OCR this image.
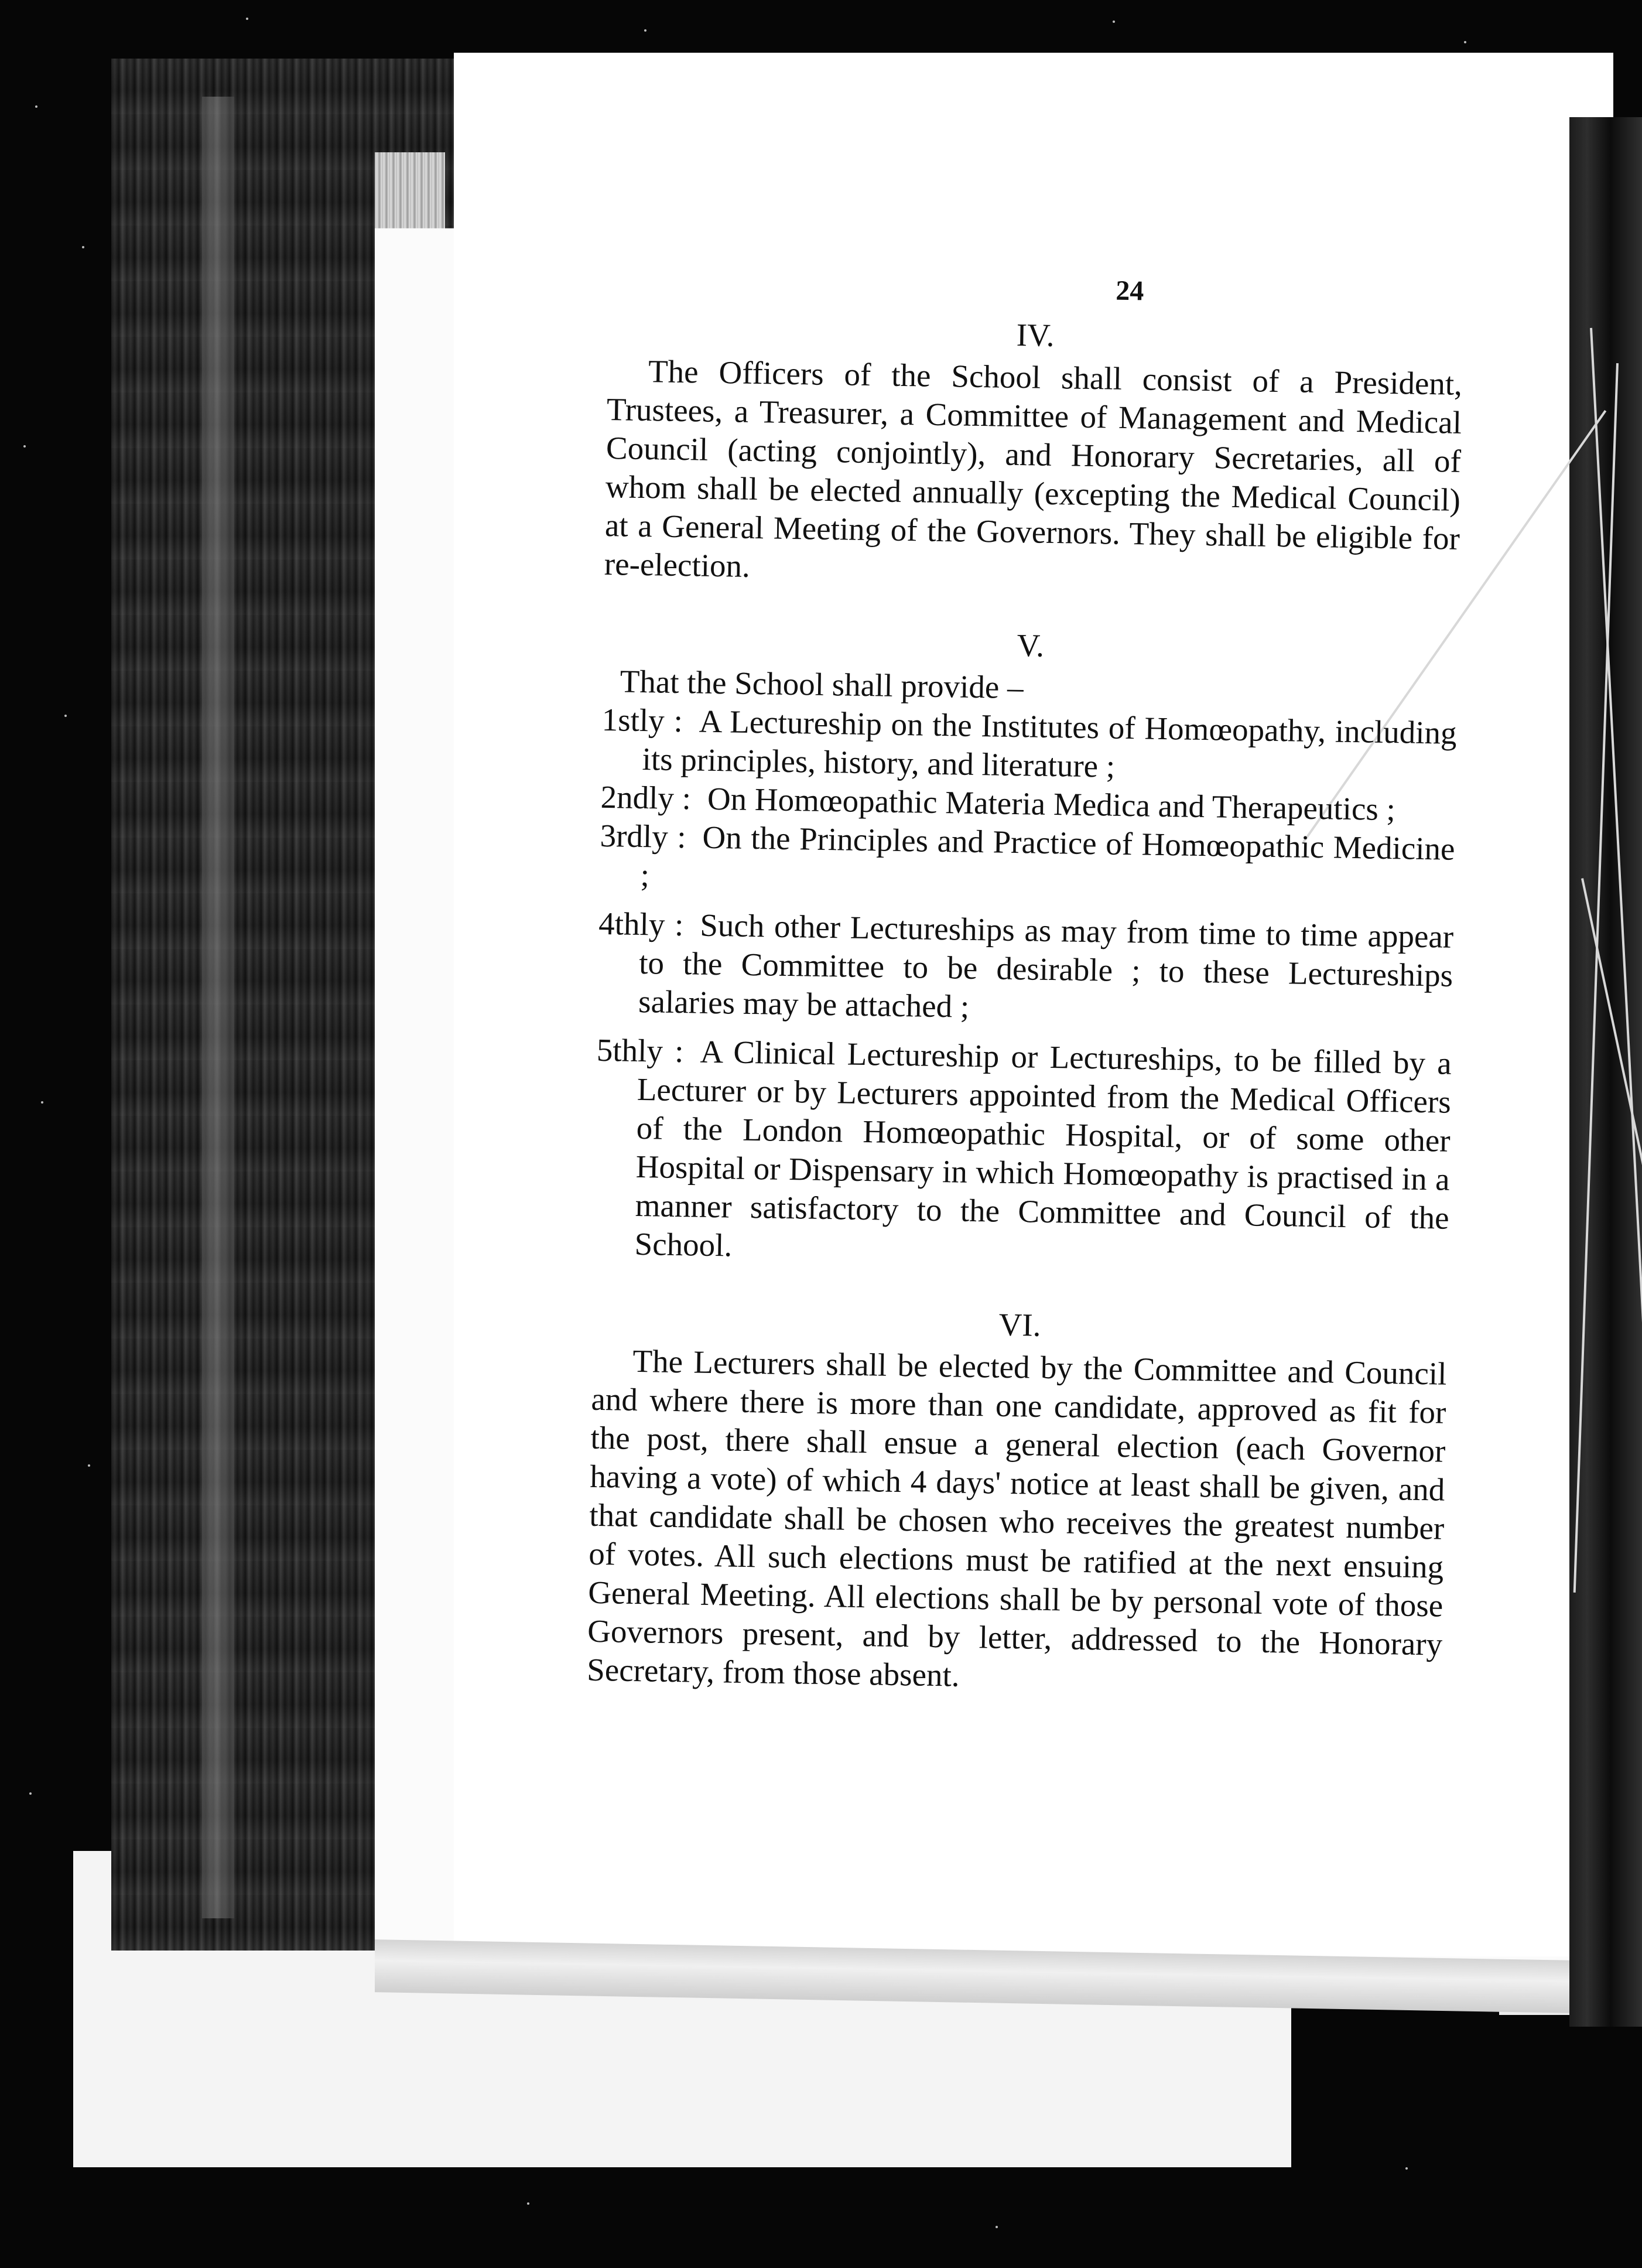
24
IV.
The Officers of the School shall consist of a President, Trustees, a Treasurer, a Committee of Management and Medical Council (acting conjointly), and Honorary Secretaries, all of whom shall be elected annually (excepting the Medical Council) at a General Meeting of the Governors. They shall be eligible for re-election.
V.
That the School shall provide –
1stly : A Lectureship on the Institutes of Homœopathy, including its principles, history, and literature ;
2ndly : On Homœopathic Materia Medica and Therapeutics ;
3rdly : On the Principles and Practice of Homœopathic Medicine ;
4thly : Such other Lectureships as may from time to time appear to the Committee to be desirable ; to these Lectureships salaries may be attached ;
5thly : A Clinical Lectureship or Lectureships, to be filled by a Lecturer or by Lecturers appointed from the Medical Officers of the London Homœopathic Hospital, or of some other Hospital or Dispensary in which Homœopathy is practised in a manner satisfactory to the Committee and Council of the School.
VI.
The Lecturers shall be elected by the Committee and Council and where there is more than one candidate, approved as fit for the post, there shall ensue a general election (each Governor having a vote) of which 4 days' notice at least shall be given, and that candidate shall be chosen who receives the greatest number of votes. All such elections must be ratified at the next ensuing General Meeting. All elections shall be by personal vote of those Governors present, and by letter, addressed to the Honorary Secretary, from those absent.
